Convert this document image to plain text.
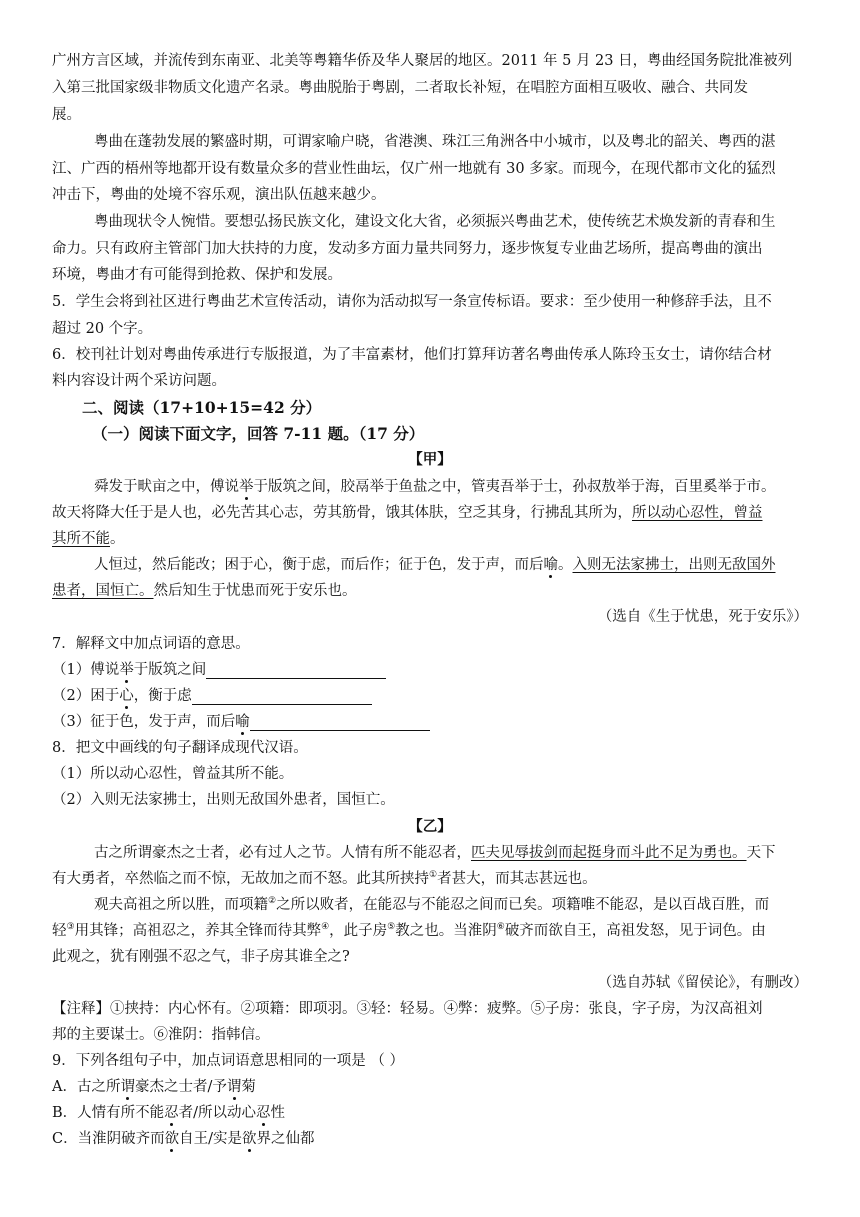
广州方言区域，并流传到东南亚、北美等粤籍华侨及华人聚居的地区。2011 年 5 月 23 日，粤曲经国务院批准被列
入第三批国家级非物质文化遗产名录。粤曲脱胎于粤剧，二者取长补短，在唱腔方面相互吸收、融合、共同发
展。
粤曲在蓬勃发展的繁盛时期，可谓家喻户晓，省港澳、珠江三角洲各中小城市，以及粤北的韶关、粤西的湛
江、广西的梧州等地都开设有数量众多的营业性曲坛，仅广州一地就有 30 多家。而现今，在现代都市文化的猛烈
冲击下，粤曲的处境不容乐观，演出队伍越来越少。
粤曲现状令人惋惜。要想弘扬民族文化，建设文化大省，必须振兴粤曲艺术，使传统艺术焕发新的青春和生
命力。只有政府主管部门加大扶持的力度，发动多方面力量共同努力，逐步恢复专业曲艺场所，提高粤曲的演出
环境，粤曲才有可能得到抢救、保护和发展。
5．学生会将到社区进行粤曲艺术宣传活动，请你为活动拟写一条宣传标语。要求：至少使用一种修辞手法，且不
超过 20 个字。
6．校刊社计划对粤曲传承进行专版报道，为了丰富素材，他们打算拜访著名粤曲传承人陈玲玉女士，请你结合材
料内容设计两个采访问题。
二、阅读（17+10+15=42 分）
（一）阅读下面文字，回答 7-11 题。（17 分）
【甲】
舜发于畎亩之中，傅说举于版筑之间，胶鬲举于鱼盐之中，管夷吾举于士，孙叔敖举于海，百里奚举于市。
故天将降大任于是人也，必先苦其心志，劳其筋骨，饿其体肤，空乏其身，行拂乱其所为，所以动心忍性，曾益
其所不能。
人恒过，然后能改；困于心，衡于虑，而后作；征于色，发于声，而后喻。入则无法家拂士，出则无敌国外
患者，国恒亡。然后知生于忧患而死于安乐也。
（选自《生于忧患，死于安乐》）
7．解释文中加点词语的意思。
（1）傅说举于版筑之间
（2）困于心，衡于虑
（3）征于色，发于声，而后喻
8．把文中画线的句子翻译成现代汉语。
（1）所以动心忍性，曾益其所不能。
（2）入则无法家拂士，出则无敌国外患者，国恒亡。
【乙】
古之所谓豪杰之士者，必有过人之节。人情有所不能忍者，匹夫见辱拔剑而起挺身而斗此不足为勇也。天下
有大勇者，卒然临之而不惊，无故加之而不怒。此其所挟持①者甚大，而其志甚远也。
观夫高祖之所以胜，而项籍②之所以败者，在能忍与不能忍之间而已矣。项籍唯不能忍，是以百战百胜，而
轻③用其锋；高祖忍之，养其全锋而待其弊④，此子房⑤教之也。当淮阴⑥破齐而欲自王，高祖发怒，见于词色。由
此观之，犹有刚强不忍之气，非子房其谁全之?
（选自苏轼《留侯论》，有删改）
【注释】①挟持：内心怀有。②项籍：即项羽。③轻：轻易。④弊：疲弊。⑤子房：张良，字子房，为汉高祖刘
邦的主要谋士。⑥淮阴：指韩信。
9．下列各组句子中，加点词语意思相同的一项是 （ ）
A．古之所谓豪杰之士者/予谓菊
B．人情有所不能忍者/所以动心忍性
C．当淮阴破齐而欲自王/实是欲界之仙都
